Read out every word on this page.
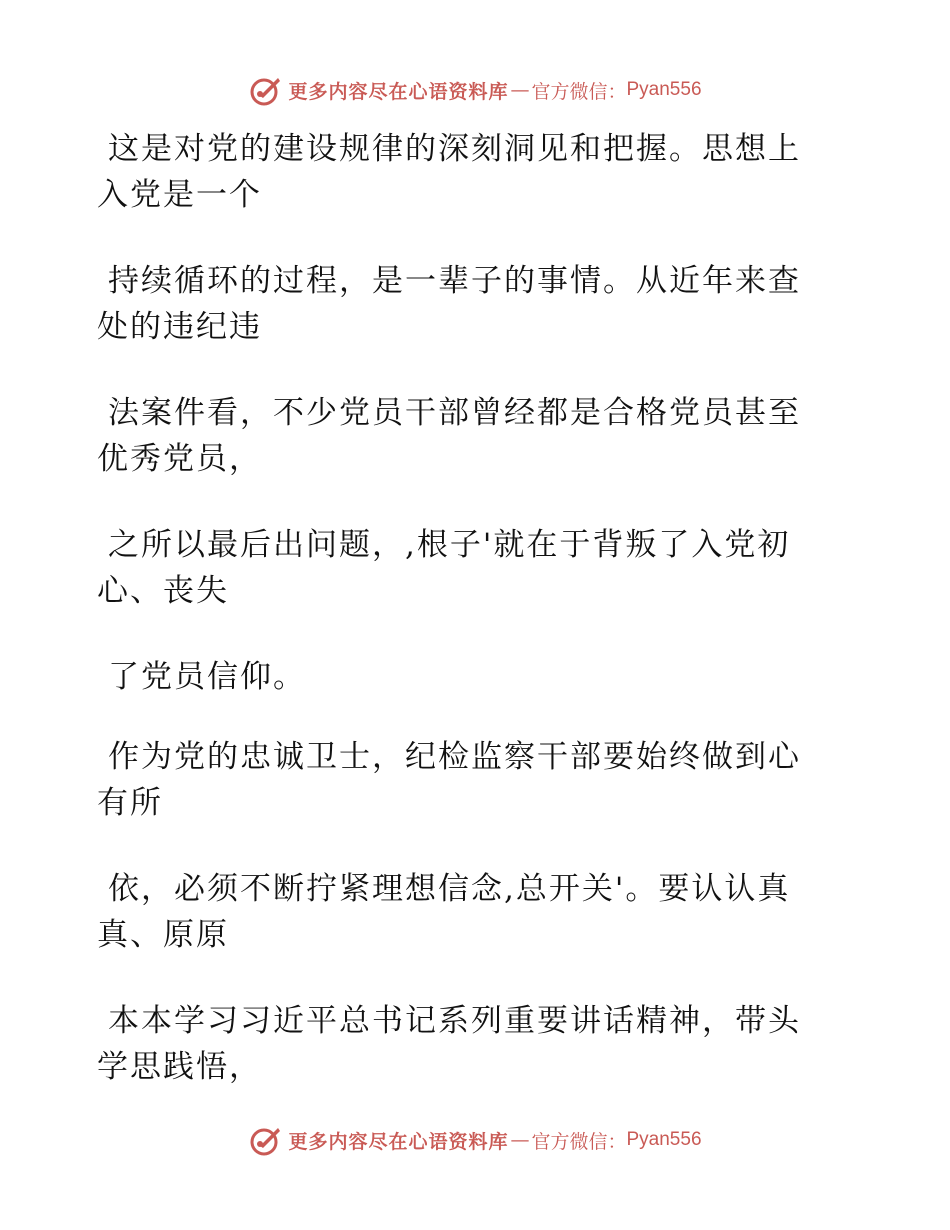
更多内容尽在心语资料库 — 官方微信： Pyan556

这是对党的建设规律的深刻洞见和把握。思想上

入党是一个

持续循环的过程，是一辈子的事情。从近年来查

处的违纪违

法案件看，不少党员干部曾经都是合格党员甚至

优秀党员，

之所以最后出问题，,根子'就在于背叛了入党初

心、丧失

了党员信仰。

作为党的忠诚卫士，纪检监察干部要始终做到心

有所

依，必须不断拧紧理想信念,总开关'。要认认真

真、原原

本本学习习近平总书记系列重要讲话精神，带头

学思践悟，

更多内容尽在心语资料库 — 官方微信： Pyan556
